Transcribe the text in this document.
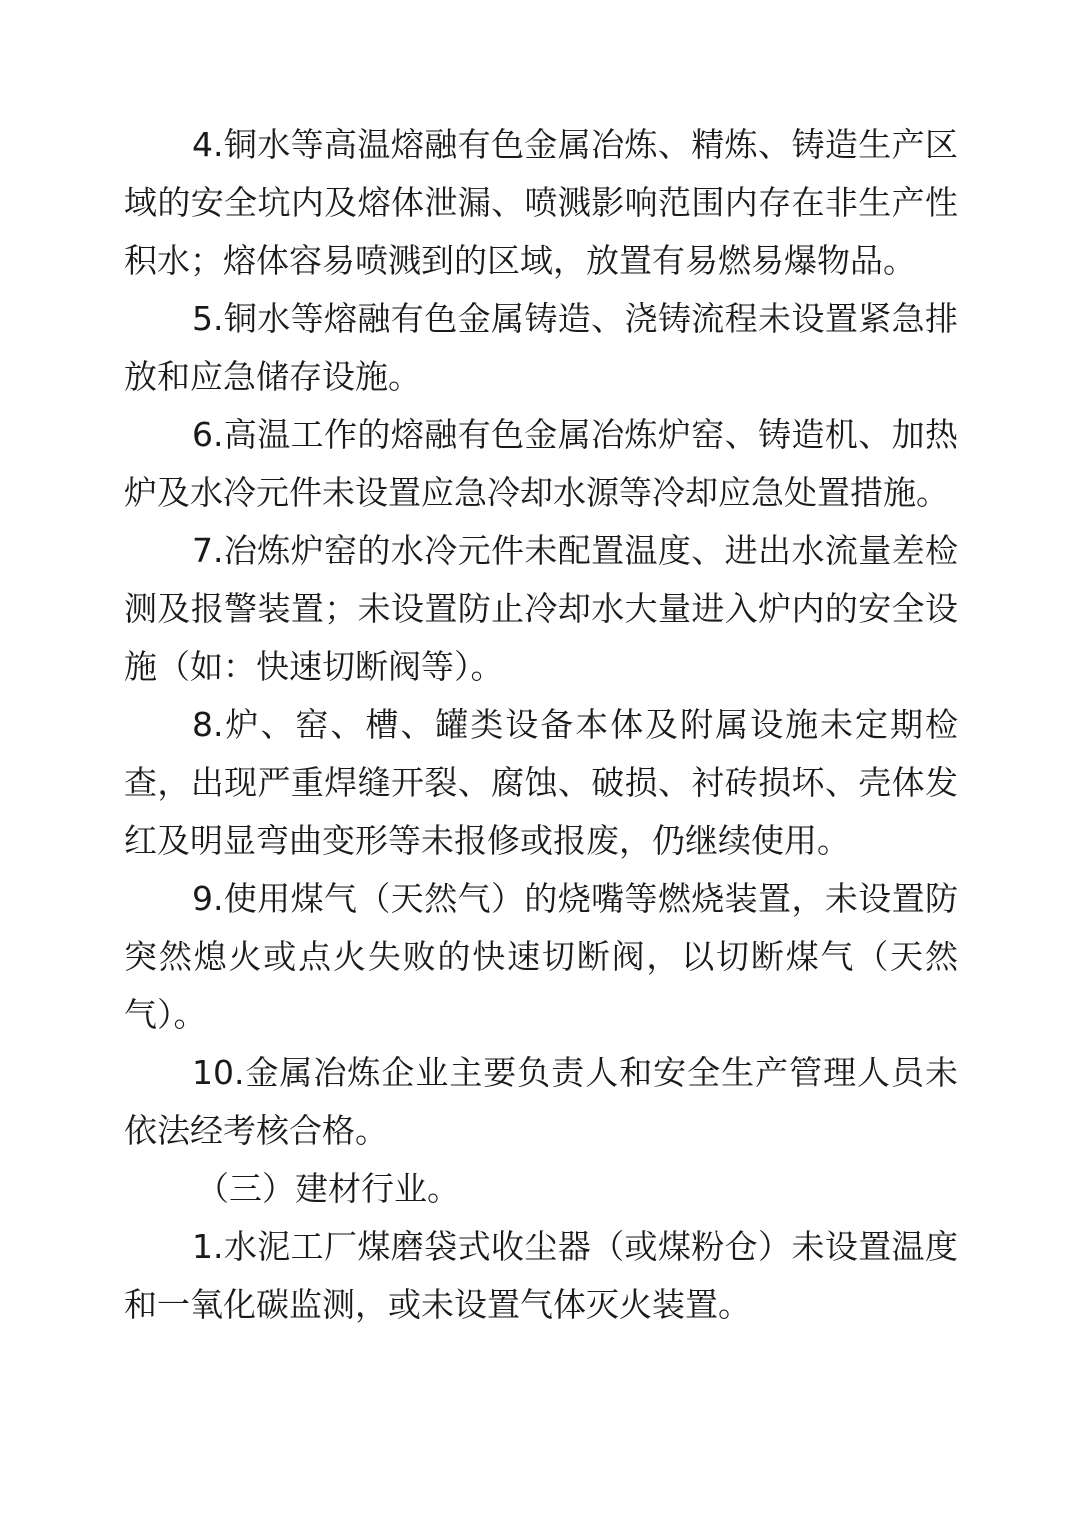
4.铜水等高温熔融有色金属冶炼、精炼、铸造生产区域的安全坑内及熔体泄漏、喷溅影响范围内存在非生产性积水；熔体容易喷溅到的区域，放置有易燃易爆物品。

5.铜水等熔融有色金属铸造、浇铸流程未设置紧急排放和应急储存设施。

6.高温工作的熔融有色金属冶炼炉窑、铸造机、加热炉及水冷元件未设置应急冷却水源等冷却应急处置措施。

7.冶炼炉窑的水冷元件未配置温度、进出水流量差检测及报警装置；未设置防止冷却水大量进入炉内的安全设施（如：快速切断阀等）。

8.炉、窑、槽、罐类设备本体及附属设施未定期检查，出现严重焊缝开裂、腐蚀、破损、衬砖损坏、壳体发红及明显弯曲变形等未报修或报废，仍继续使用。

9.使用煤气（天然气）的烧嘴等燃烧装置，未设置防突然熄火或点火失败的快速切断阀，以切断煤气（天然气）。

10.金属冶炼企业主要负责人和安全生产管理人员未依法经考核合格。

（三）建材行业。

1.水泥工厂煤磨袋式收尘器（或煤粉仓）未设置温度和一氧化碳监测，或未设置气体灭火装置。
